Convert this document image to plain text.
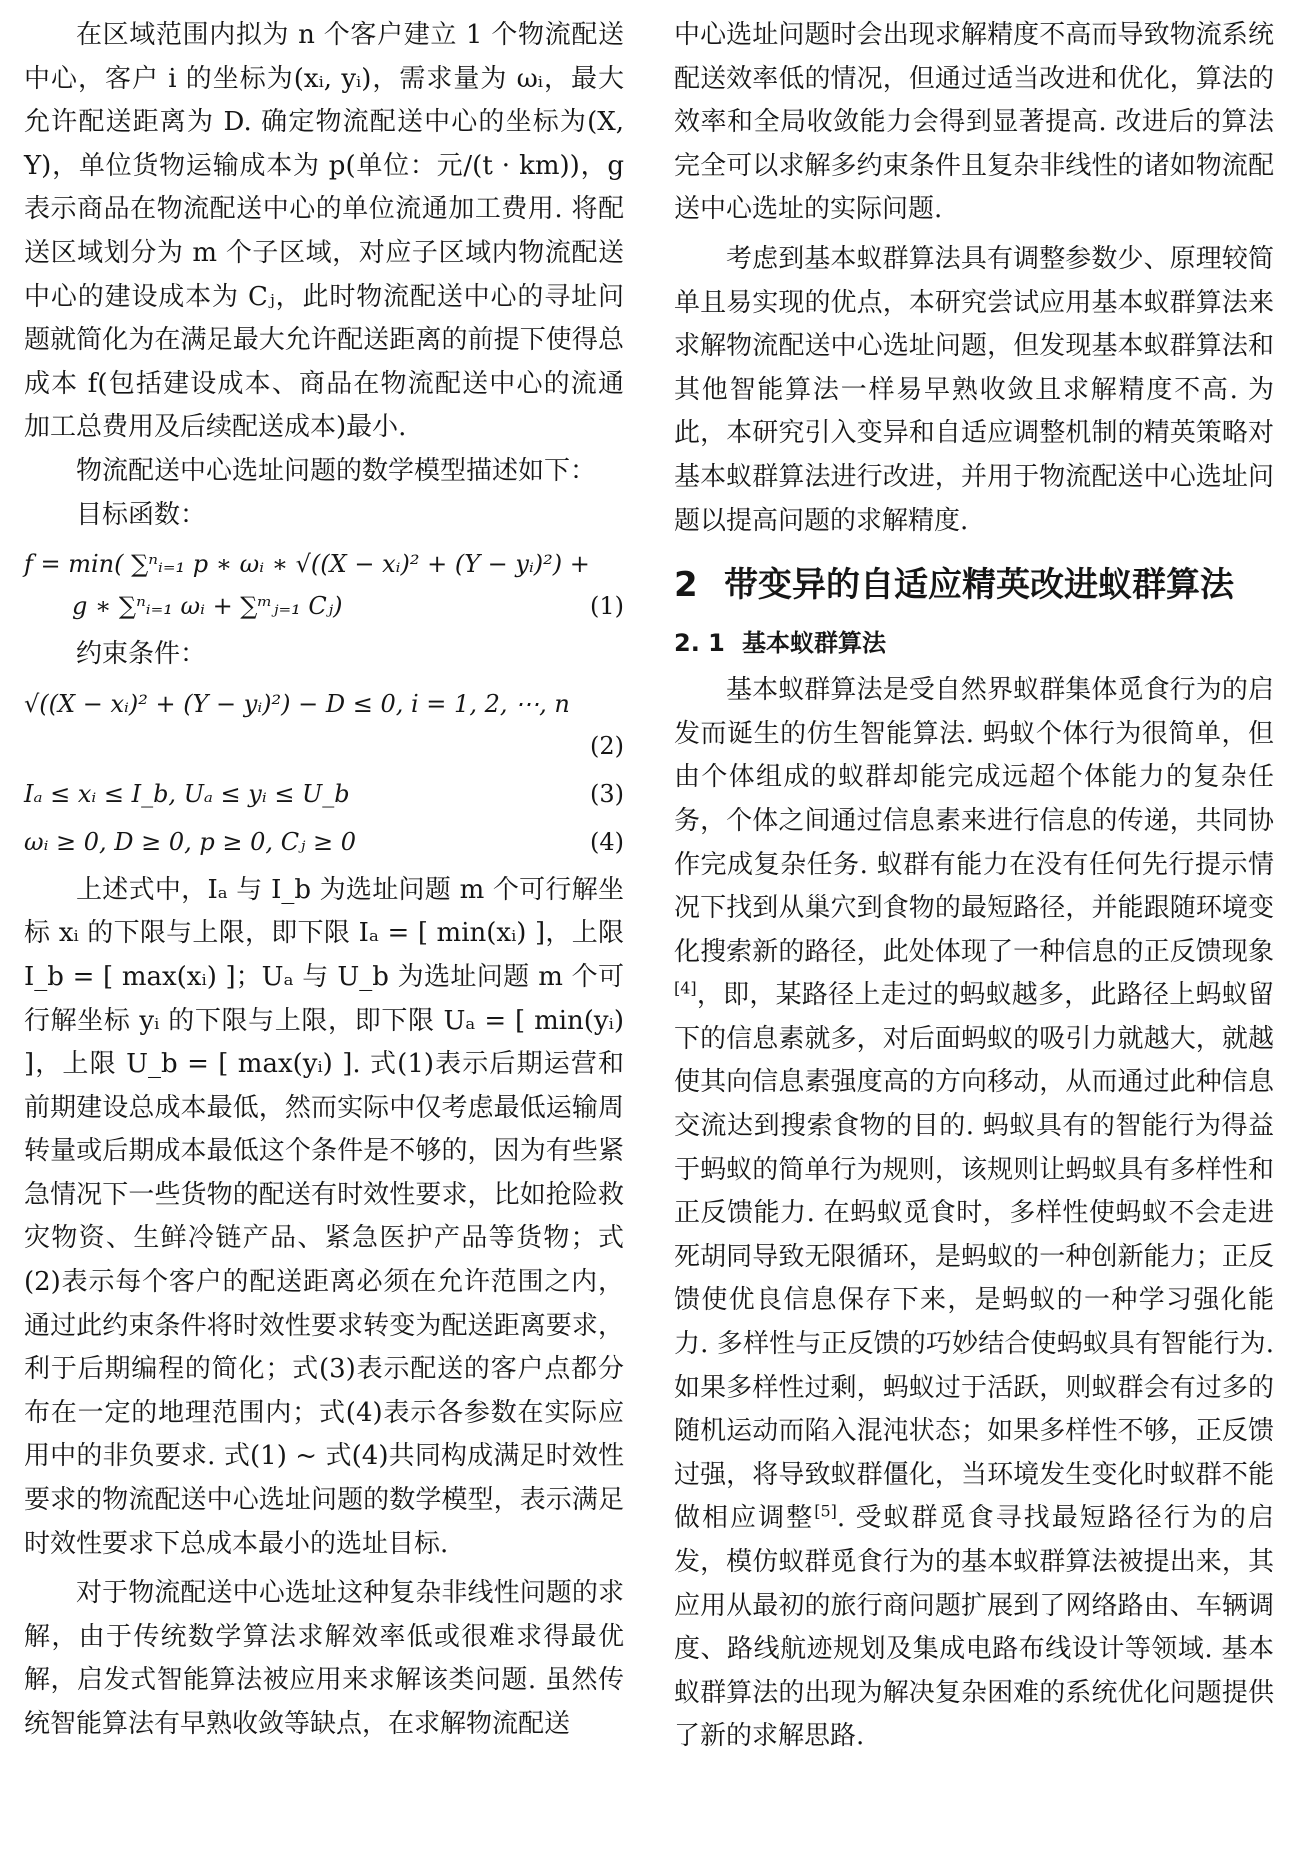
在区域范围内拟为 n 个客户建立 1 个物流配送中心，客户 i 的坐标为(xᵢ, yᵢ)，需求量为 ωᵢ，最大允许配送距离为 D. 确定物流配送中心的坐标为(X, Y)，单位货物运输成本为 p(单位：元/(t · km))，g 表示商品在物流配送中心的单位流通加工费用. 将配送区域划分为 m 个子区域，对应子区域内物流配送中心的建设成本为 Cⱼ，此时物流配送中心的寻址问题就简化为在满足最大允许配送距离的前提下使得总成本 f(包括建设成本、商品在物流配送中心的流通加工总费用及后续配送成本)最小.

物流配送中心选址问题的数学模型描述如下：

目标函数：

f = min( ∑ⁿᵢ₌₁ p ∗ ωᵢ ∗ √((X − xᵢ)² + (Y − yᵢ)²) +
g ∗ ∑ⁿᵢ₌₁ ωᵢ + ∑ᵐⱼ₌₁ Cⱼ)	(1)

约束条件：

√((X − xᵢ)² + (Y − yᵢ)²) − D ≤ 0, i = 1, 2, ⋯, n
(2)
Iₐ ≤ xᵢ ≤ I_b, Uₐ ≤ yᵢ ≤ U_b	(3)
ωᵢ ≥ 0, D ≥ 0, p ≥ 0, Cⱼ ≥ 0	(4)

上述式中，Iₐ 与 I_b 为选址问题 m 个可行解坐标 xᵢ 的下限与上限，即下限 Iₐ = [ min(xᵢ) ]，上限 I_b = [ max(xᵢ) ]；Uₐ 与 U_b 为选址问题 m 个可行解坐标 yᵢ 的下限与上限，即下限 Uₐ = [ min(yᵢ) ]，上限 U_b = [ max(yᵢ) ]. 式(1)表示后期运营和前期建设总成本最低，然而实际中仅考虑最低运输周转量或后期成本最低这个条件是不够的，因为有些紧急情况下一些货物的配送有时效性要求，比如抢险救灾物资、生鲜冷链产品、紧急医护产品等货物；式(2)表示每个客户的配送距离必须在允许范围之内，通过此约束条件将时效性要求转变为配送距离要求，利于后期编程的简化；式(3)表示配送的客户点都分布在一定的地理范围内；式(4)表示各参数在实际应用中的非负要求. 式(1) ~ 式(4)共同构成满足时效性要求的物流配送中心选址问题的数学模型，表示满足时效性要求下总成本最小的选址目标.

对于物流配送中心选址这种复杂非线性问题的求解，由于传统数学算法求解效率低或很难求得最优解，启发式智能算法被应用来求解该类问题. 虽然传统智能算法有早熟收敛等缺点，在求解物流配送

中心选址问题时会出现求解精度不高而导致物流系统配送效率低的情况，但通过适当改进和优化，算法的效率和全局收敛能力会得到显著提高. 改进后的算法完全可以求解多约束条件且复杂非线性的诸如物流配送中心选址的实际问题.

考虑到基本蚁群算法具有调整参数少、原理较简单且易实现的优点，本研究尝试应用基本蚁群算法来求解物流配送中心选址问题，但发现基本蚁群算法和其他智能算法一样易早熟收敛且求解精度不高. 为此，本研究引入变异和自适应调整机制的精英策略对基本蚁群算法进行改进，并用于物流配送中心选址问题以提高问题的求解精度.

2 带变异的自适应精英改进蚁群算法
2. 1 基本蚁群算法

基本蚁群算法是受自然界蚁群集体觅食行为的启发而诞生的仿生智能算法. 蚂蚁个体行为很简单，但由个体组成的蚁群却能完成远超个体能力的复杂任务，个体之间通过信息素来进行信息的传递，共同协作完成复杂任务. 蚁群有能力在没有任何先行提示情况下找到从巢穴到食物的最短路径，并能跟随环境变化搜索新的路径，此处体现了一种信息的正反馈现象[4]，即，某路径上走过的蚂蚁越多，此路径上蚂蚁留下的信息素就多，对后面蚂蚁的吸引力就越大，就越使其向信息素强度高的方向移动，从而通过此种信息交流达到搜索食物的目的. 蚂蚁具有的智能行为得益于蚂蚁的简单行为规则，该规则让蚂蚁具有多样性和正反馈能力. 在蚂蚁觅食时，多样性使蚂蚁不会走进死胡同导致无限循环，是蚂蚁的一种创新能力；正反馈使优良信息保存下来，是蚂蚁的一种学习强化能力. 多样性与正反馈的巧妙结合使蚂蚁具有智能行为. 如果多样性过剩，蚂蚁过于活跃，则蚁群会有过多的随机运动而陷入混沌状态；如果多样性不够，正反馈过强，将导致蚁群僵化，当环境发生变化时蚁群不能做相应调整[5]. 受蚁群觅食寻找最短路径行为的启发，模仿蚁群觅食行为的基本蚁群算法被提出来，其应用从最初的旅行商问题扩展到了网络路由、车辆调度、路线航迹规划及集成电路布线设计等领域. 基本蚁群算法的出现为解决复杂困难的系统优化问题提供了新的求解思路.
